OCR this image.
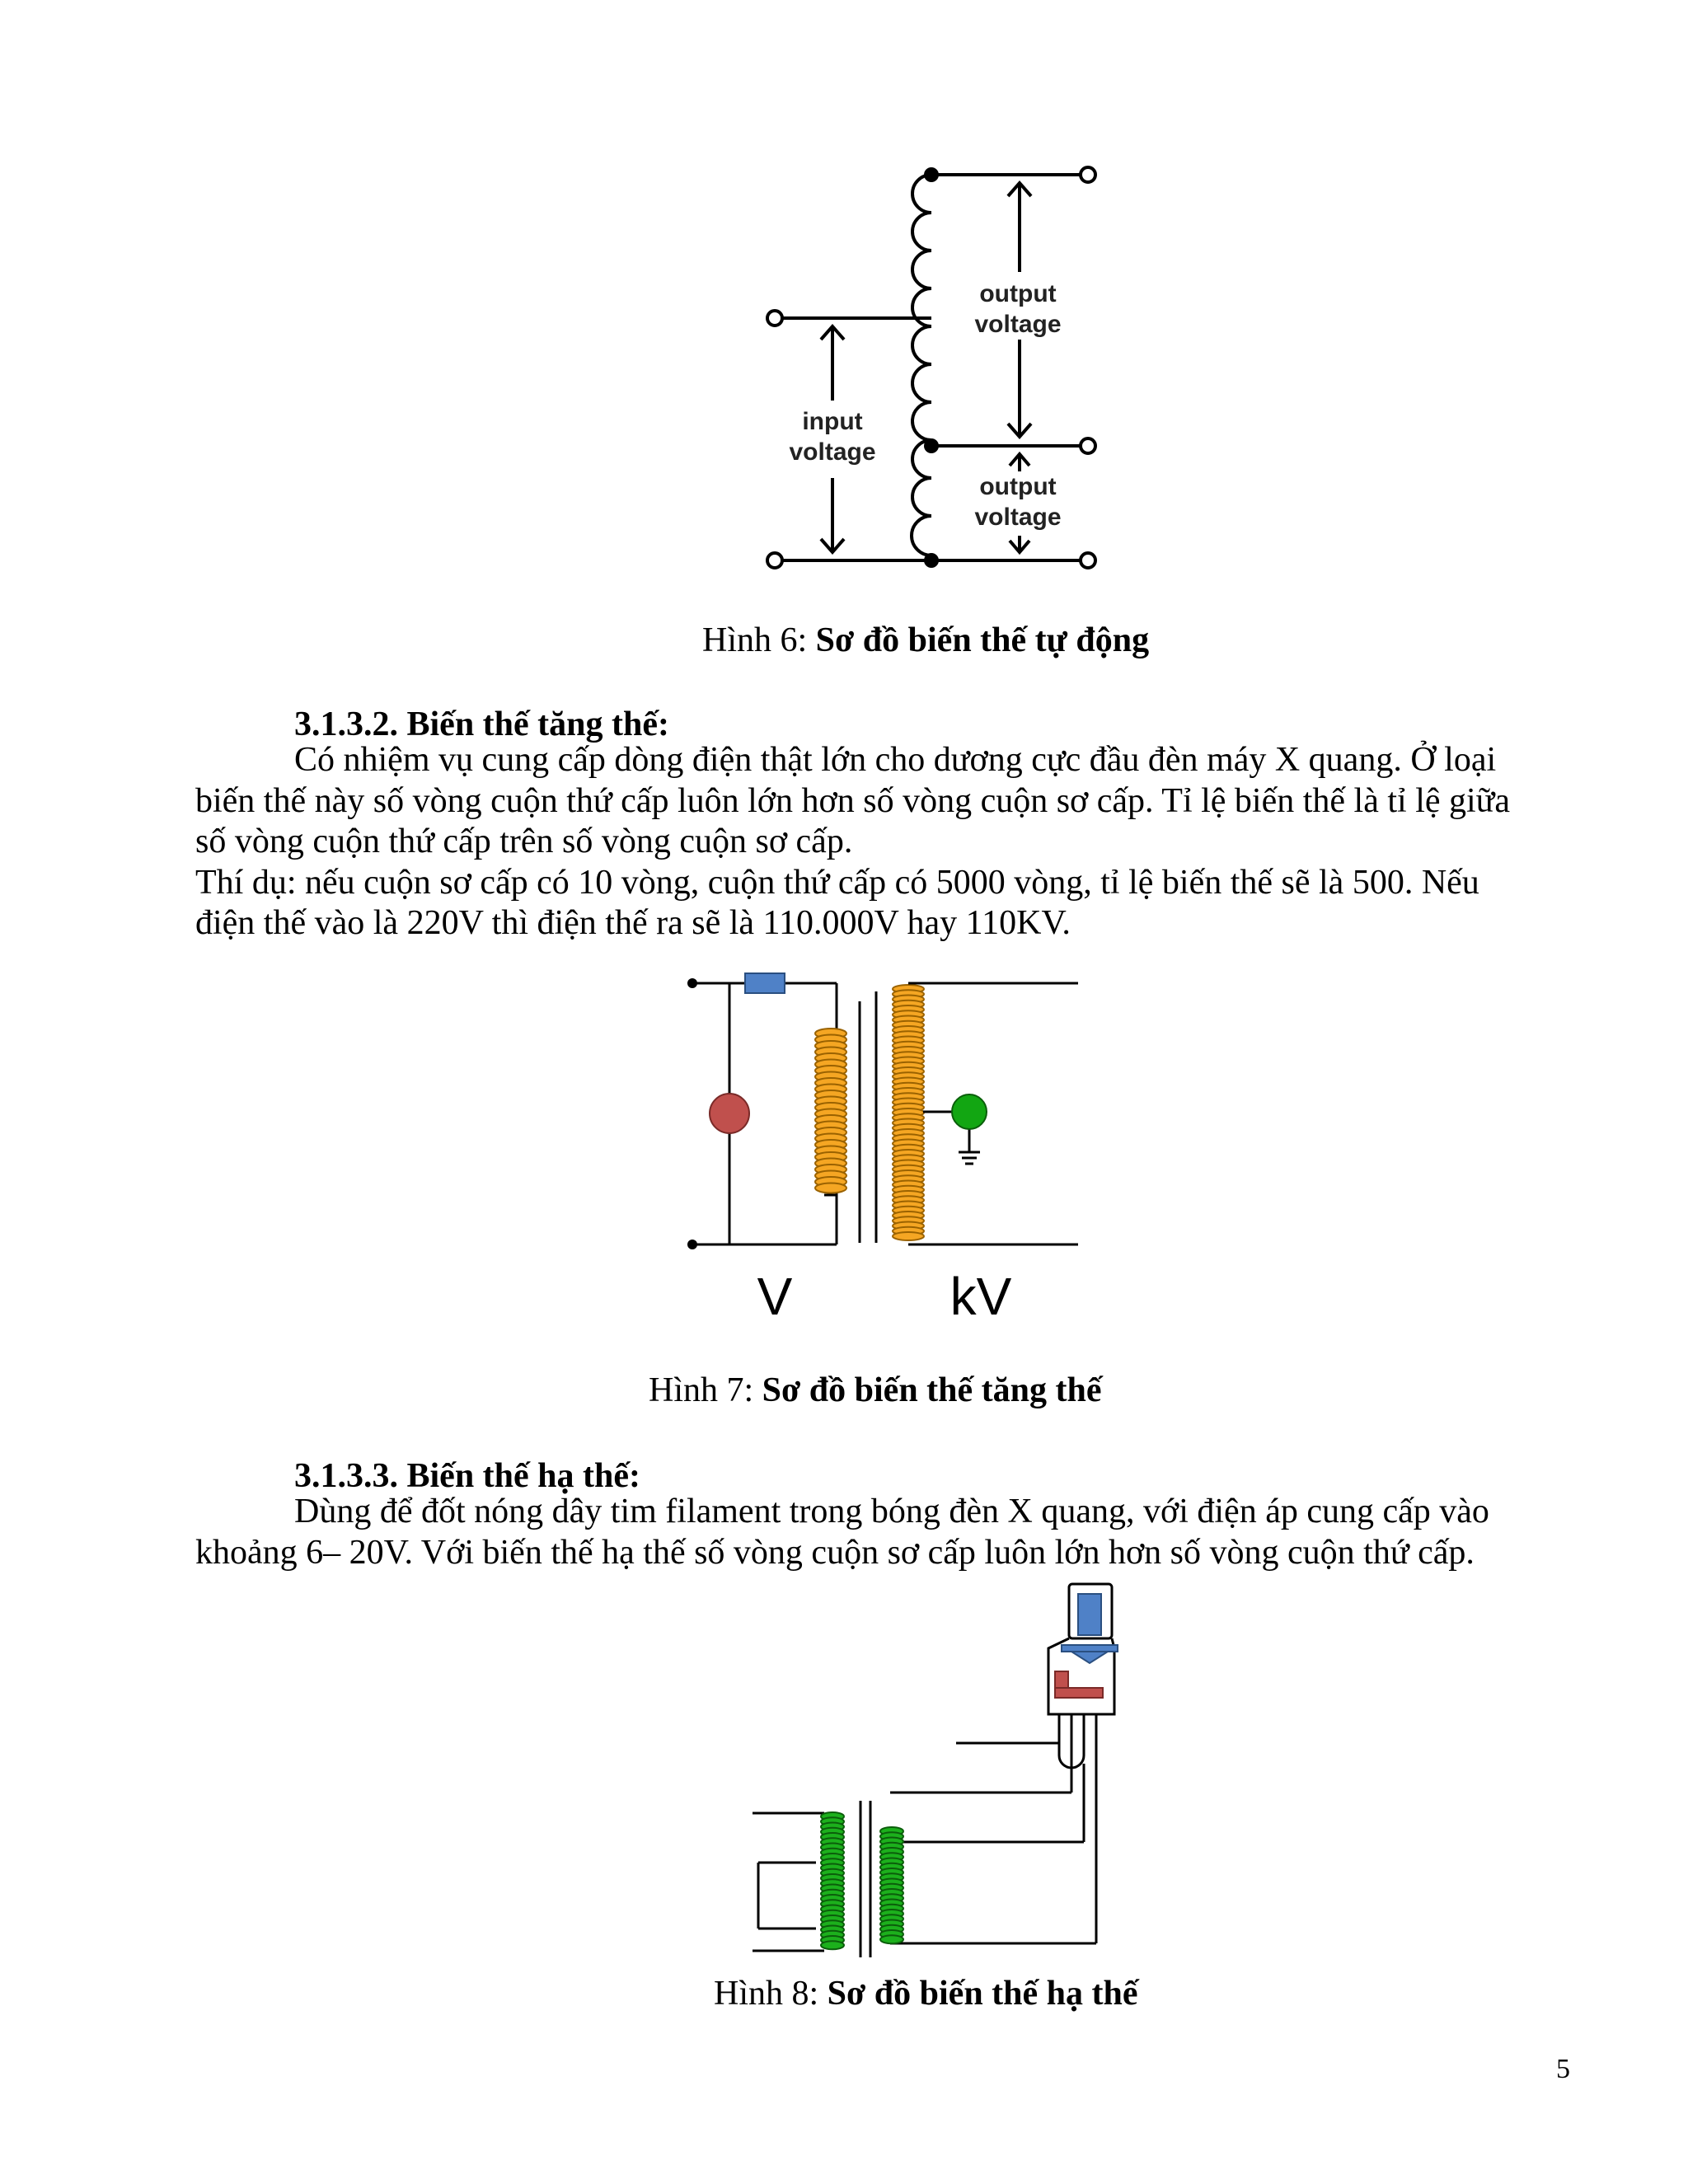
output
voltage
input
voltage
output
voltage
Hình 6: Sơ đồ biến thế tự động
3.1.3.2. Biến thế tăng thế:
Có nhiệm vụ cung cấp dòng điện thật lớn cho dương cực đầu đèn máy X quang. Ở loại
biến thế này số vòng cuộn thứ cấp luôn lớn hơn số vòng cuộn sơ cấp. Tỉ lệ biến thế là tỉ lệ giữa
số vòng cuộn thứ cấp trên số vòng cuộn sơ cấp.
Thí dụ: nếu cuộn sơ cấp có 10 vòng, cuộn thứ cấp có 5000 vòng, tỉ lệ biến thế sẽ là 500. Nếu
điện thế vào là 220V thì điện thế ra sẽ là 110.000V hay 110KV.
V	kV
Hình 7: Sơ đồ biến thế tăng thế
3.1.3.3. Biến thế hạ thế:
Dùng để đốt nóng dây tim filament trong bóng đèn X quang, với điện áp cung cấp vào
khoảng 6– 20V. Với biến thế hạ thế số vòng cuộn sơ cấp luôn lớn hơn số vòng cuộn thứ cấp.
Hình 8: Sơ đồ biến thế hạ thế
5
